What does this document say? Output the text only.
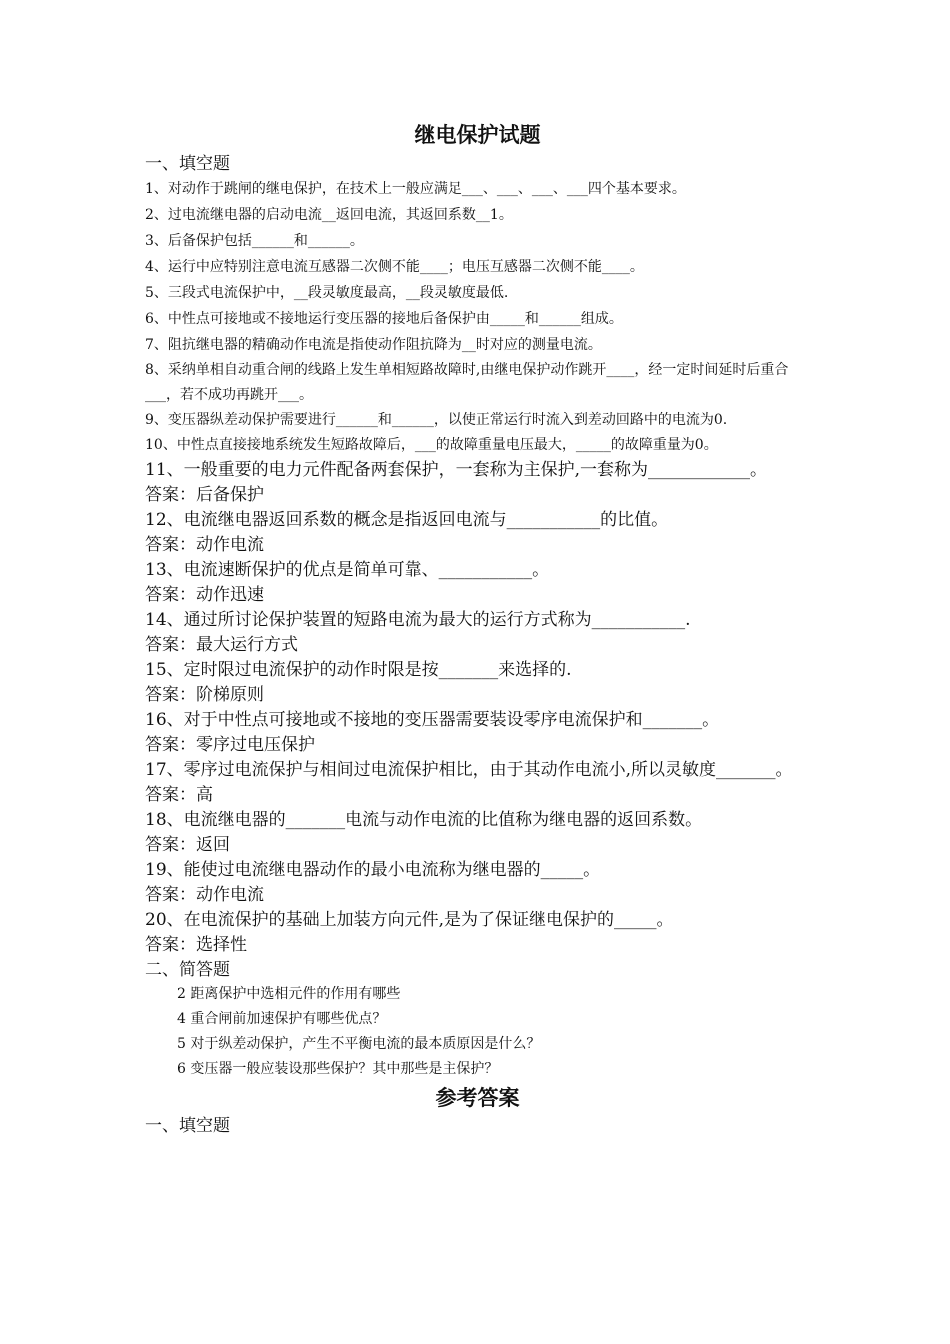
继电保护试题
一、填空题
1、对动作于跳闸的继电保护，在技术上一般应满足___、___、___、___四个基本要求。
2、过电流继电器的启动电流__返回电流，其返回系数__1。
3、后备保护包括______和______。
4、运行中应特别注意电流互感器二次侧不能____；电压互感器二次侧不能____。
5、三段式电流保护中，__段灵敏度最高，__段灵敏度最低.
6、中性点可接地或不接地运行变压器的接地后备保护由_____和______组成。
7、阻抗继电器的精确动作电流是指使动作阻抗降为__时对应的测量电流。
8、采纳单相自动重合闸的线路上发生单相短路故障时,由继电保护动作跳开____，经一定时间延时后重合___，若不成功再跳开___。
9、变压器纵差动保护需要进行______和______，以使正常运行时流入到差动回路中的电流为0.
10、中性点直接接地系统发生短路故障后，___的故障重量电压最大，_____的故障重量为0。
11、一般重要的电力元件配备两套保护，一套称为主保护,一套称为____________。
答案：后备保护
12、电流继电器返回系数的概念是指返回电流与___________的比值。
答案：动作电流
13、电流速断保护的优点是简单可靠、___________。
答案：动作迅速
14、通过所讨论保护装置的短路电流为最大的运行方式称为___________.
答案：最大运行方式
15、定时限过电流保护的动作时限是按_______来选择的.
答案：阶梯原则
16、对于中性点可接地或不接地的变压器需要装设零序电流保护和_______。
答案：零序过电压保护
17、零序过电流保护与相间过电流保护相比，由于其动作电流小,所以灵敏度_______。
答案：高
18、电流继电器的_______电流与动作电流的比值称为继电器的返回系数。
答案：返回
19、能使过电流继电器动作的最小电流称为继电器的_____。
答案：动作电流
20、在电流保护的基础上加装方向元件,是为了保证继电保护的_____。
答案：选择性
二、简答题
2 距离保护中选相元件的作用有哪些
4 重合闸前加速保护有哪些优点？
5 对于纵差动保护，产生不平衡电流的最本质原因是什么？
6 变压器一般应装设那些保护？其中那些是主保护？
参考答案
一、填空题
